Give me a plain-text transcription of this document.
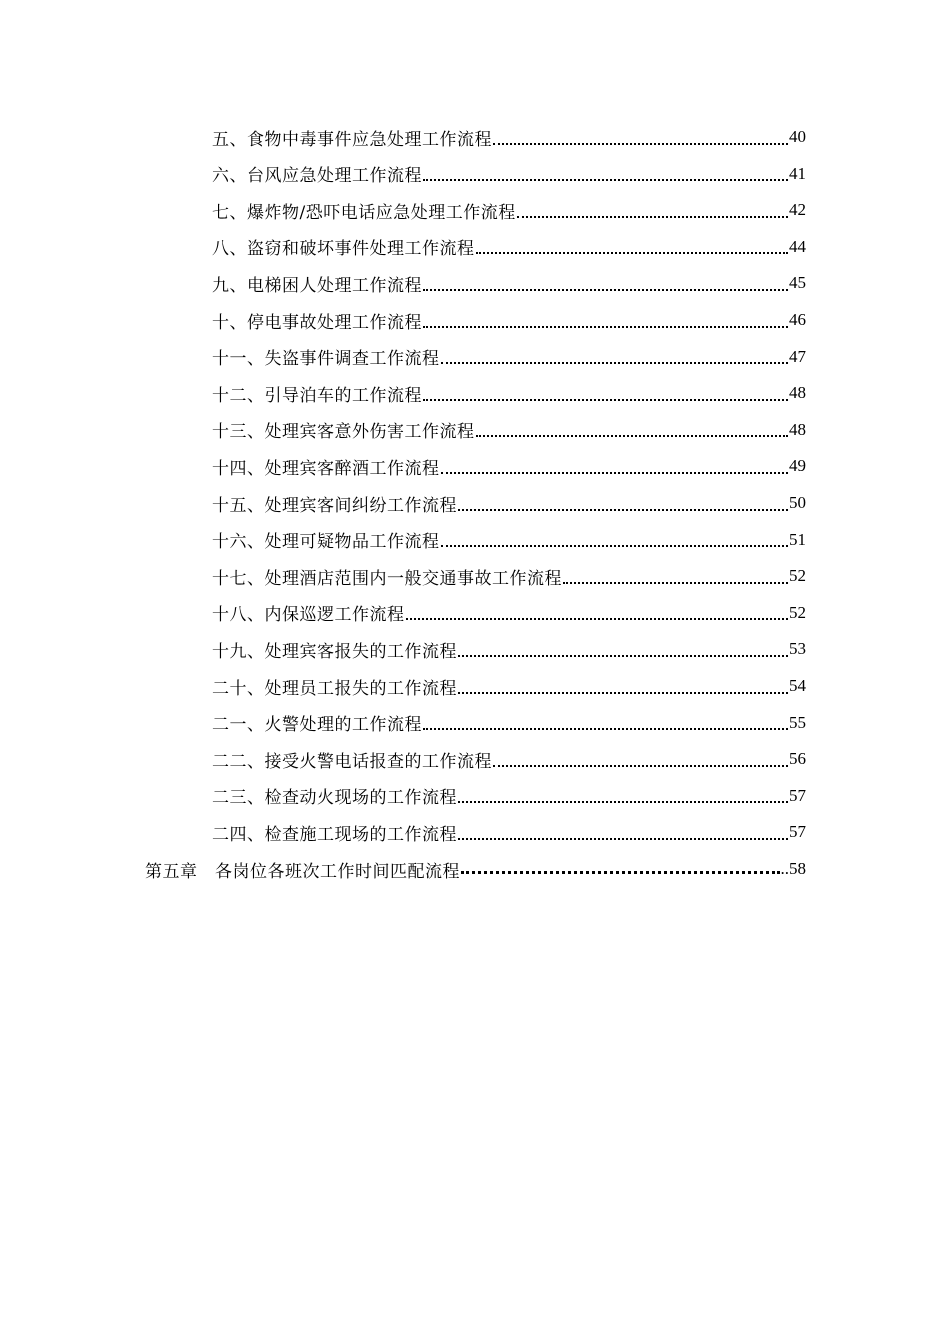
五、食物中毒事件应急处理工作流程	40
六、台风应急处理工作流程	41
七、爆炸物/恐吓电话应急处理工作流程	42
八、盗窃和破坏事件处理工作流程	44
九、电梯困人处理工作流程	45
十、停电事故处理工作流程	46
十一、失盗事件调查工作流程	47
十二、引导泊车的工作流程	48
十三、处理宾客意外伤害工作流程	48
十四、处理宾客醉酒工作流程	49
十五、处理宾客间纠纷工作流程	50
十六、处理可疑物品工作流程	51
十七、处理酒店范围内一般交通事故工作流程	52
十八、内保巡逻工作流程	52
十九、处理宾客报失的工作流程	53
二十、处理员工报失的工作流程	54
二一、火警处理的工作流程	55
二二、接受火警电话报查的工作流程	56
二三、检查动火现场的工作流程	57
二四、检查施工现场的工作流程	57
第五章　各岗位各班次工作时间匹配流程	..58
